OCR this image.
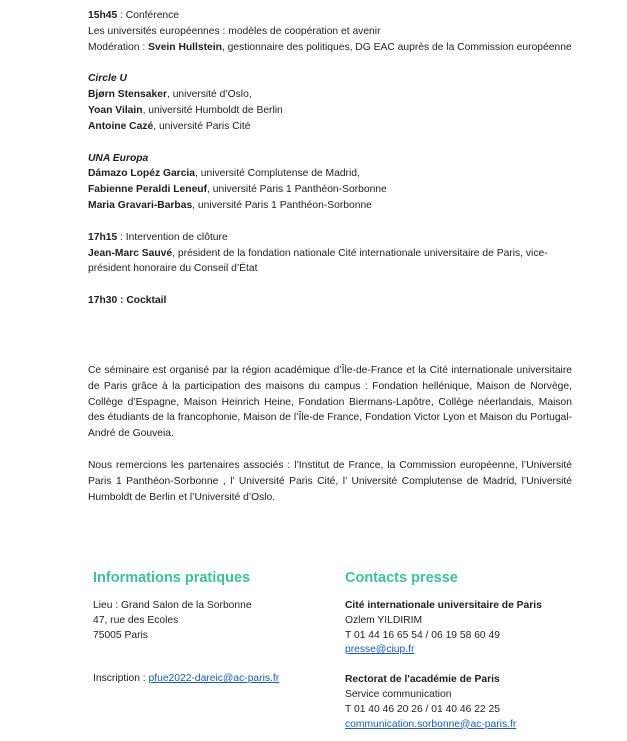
15h45 : Conférence

Les universités européennes : modèles de coopération et avenir

Modération : Svein Hullstein, gestionnaire des politiques, DG EAC auprès de la Commission européenne

Circle U

Bjørn Stensaker, université d’Oslo,

Yoan Vilain, université Humboldt de Berlin

Antoine Cazé, université Paris Cité

UNA Europa

Dámazo Lopéz Garcia, université Complutense de Madrid,

Fabienne Peraldi Leneuf, université Paris 1 Panthéon-Sorbonne

Maria Gravari-Barbas, université Paris 1 Panthéon-Sorbonne

17h15 : Intervention de clôture

Jean-Marc Sauvé, président de la fondation nationale Cité internationale universitaire de Paris, vice-président honoraire du Conseil d’État

17h30 : Cocktail

Ce séminaire est organisé par la région académique d’Île-de-France et la Cité internationale universitaire de Paris grâce à la participation des maisons du campus : Fondation hellénique, Maison de Norvège, Collège d’Espagne, Maison Heinrich Heine, Fondation Biermans-Lapôtre, Collège néerlandais, Maison des étudiants de la francophonie, Maison de l’Île-de France, Fondation Victor Lyon et Maison du Portugal-André de Gouveia.

Nous remercions les partenaires associés : l’Institut de France, la Commission européenne, l’Université Paris 1 Panthéon-Sorbonne , l’ Université Paris Cité, l’ Université Complutense de Madrid, l’Université Humboldt de Berlin et l’Université d’Oslo.

Informations pratiques

Lieu : Grand Salon de la Sorbonne

47, rue des Ecoles

75005 Paris

Inscription : pfue2022-dareic@ac-paris.fr

Contacts presse

Cité internationale universitaire de Paris

Ozlem YILDIRIM

T 01 44 16 65 54 / 06 19 58 60 49

presse@ciup.fr

Rectorat de l'académie de Paris

Service communication

T 01 40 46 20 26 / 01 40 46 22 25

communication.sorbonne@ac-paris.fr
